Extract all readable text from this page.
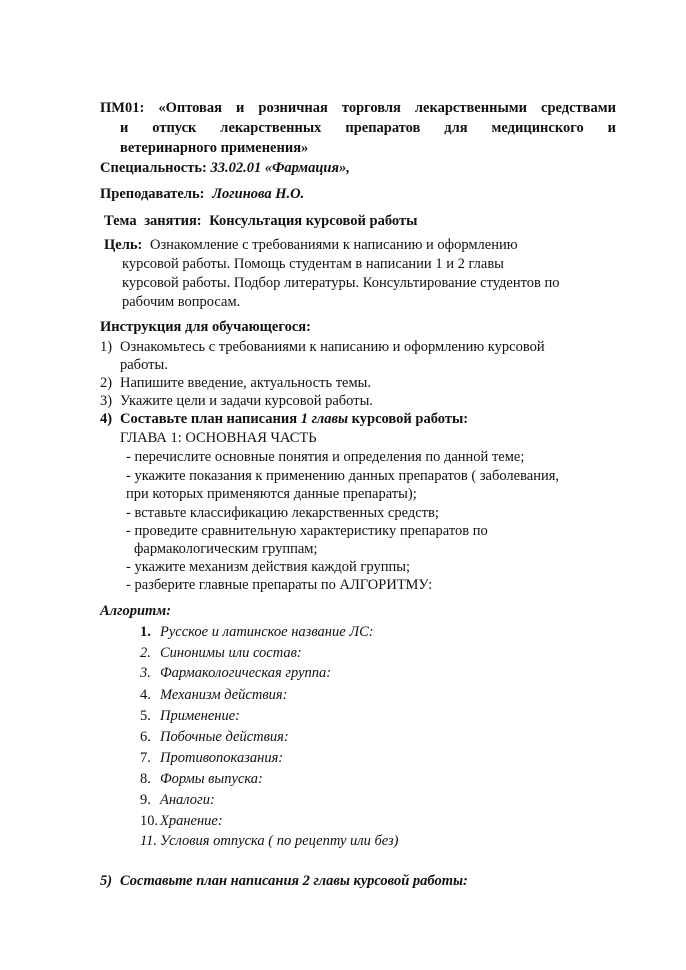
ПМ01: «Оптовая и розничная торговля лекарственными средствами
и отпуск лекарственных препаратов для медицинского и
ветеринарного применения»
Специальность: 33.02.01 «Фармация»,
Преподаватель: Логинова Н.О.
Тема занятия: Консультация курсовой работы
Цель: Ознакомление с требованиями к написанию и оформлению
курсовой работы. Помощь студентам в написании 1 и 2 главы
курсовой работы. Подбор литературы. Консультирование студентов по
рабочим вопросам.
Инструкция для обучающегося:
1) Ознакомьтесь с требованиями к написанию и оформлению курсовой
работы.
2) Напишите введение, актуальность темы.
3) Укажите цели и задачи курсовой работы.
4) Составьте план написания 1 главы курсовой работы:
ГЛАВА 1: ОСНОВНАЯ ЧАСТЬ
- перечислите основные понятия и определения по данной теме;
- укажите показания к применению данных препаратов ( заболевания,
при которых применяются данные препараты);
- вставьте классификацию лекарственных средств;
- проведите сравнительную характеристику препаратов по
фармакологическим группам;
- укажите механизм действия каждой группы;
- разберите главные препараты по АЛГОРИТМУ:
Алгоритм:
1. Русское и латинское название ЛС:
2. Синонимы или состав:
3. Фармакологическая группа:
4. Механизм действия:
5. Применение:
6. Побочные действия:
7. Противопоказания:
8. Формы выпуска:
9. Аналоги:
10. Хранение:
11. Условия отпуска ( по рецепту или без)
5) Составьте план написания 2 главы курсовой работы:
